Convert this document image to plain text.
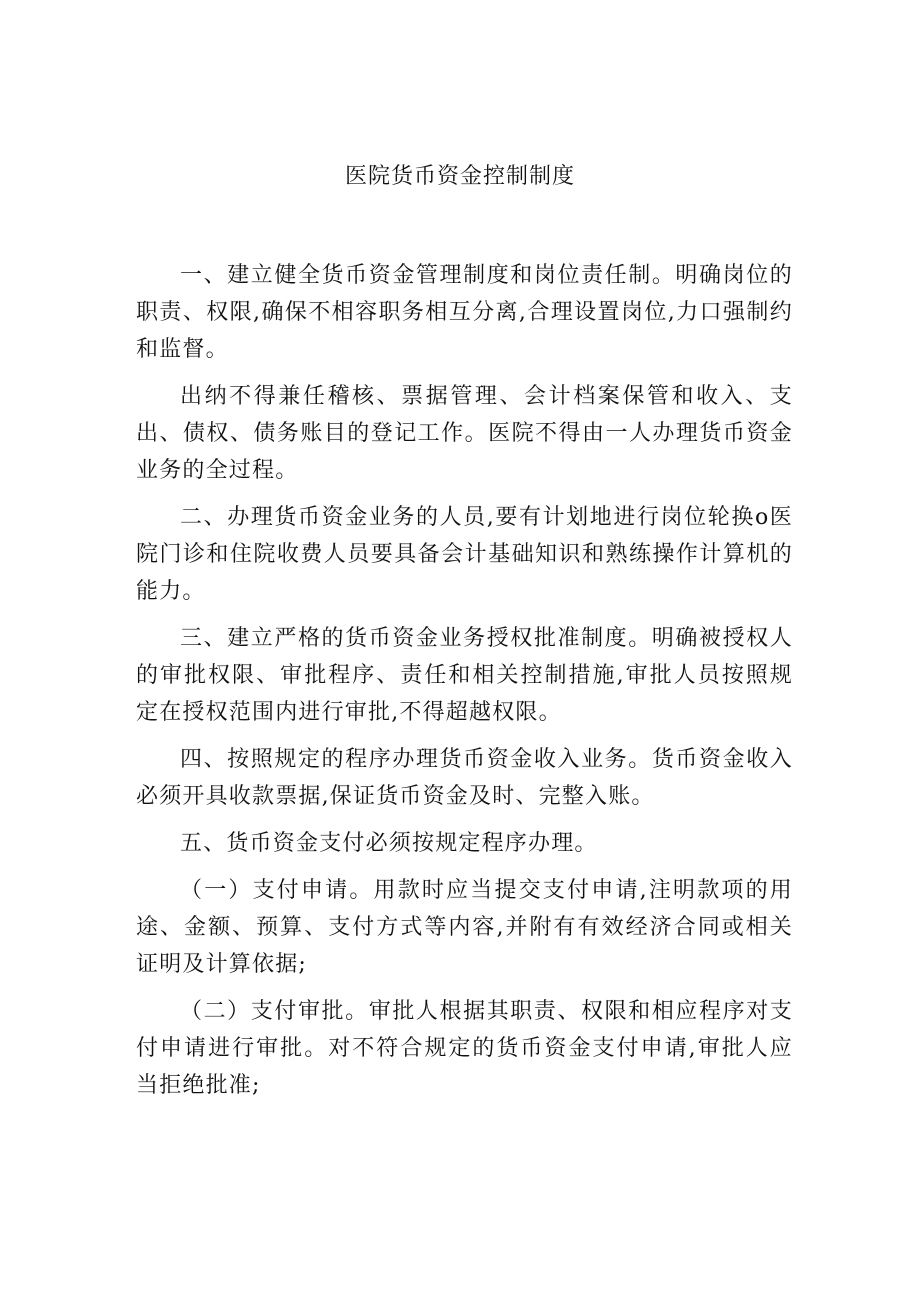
医院货币资金控制制度

一、建立健全货币资金管理制度和岗位责任制。明确岗位的职责、权限,确保不相容职务相互分离,合理设置岗位,力口强制约和监督。

出纳不得兼任稽核、票据管理、会计档案保管和收入、支出、债权、债务账目的登记工作。医院不得由一人办理货币资金业务的全过程。

二、办理货币资金业务的人员,要有计划地进行岗位轮换o医院门诊和住院收费人员要具备会计基础知识和熟练操作计算机的能力。

三、建立严格的货币资金业务授权批准制度。明确被授权人的审批权限、审批程序、责任和相关控制措施,审批人员按照规定在授权范围内进行审批,不得超越权限。

四、按照规定的程序办理货币资金收入业务。货币资金收入必须开具收款票据,保证货币资金及时、完整入账。

五、货币资金支付必须按规定程序办理。

（一）支付申请。用款时应当提交支付申请,注明款项的用途、金额、预算、支付方式等内容,并附有有效经济合同或相关证明及计算依据;

（二）支付审批。审批人根据其职责、权限和相应程序对支付申请进行审批。对不符合规定的货币资金支付申请,审批人应当拒绝批准;
